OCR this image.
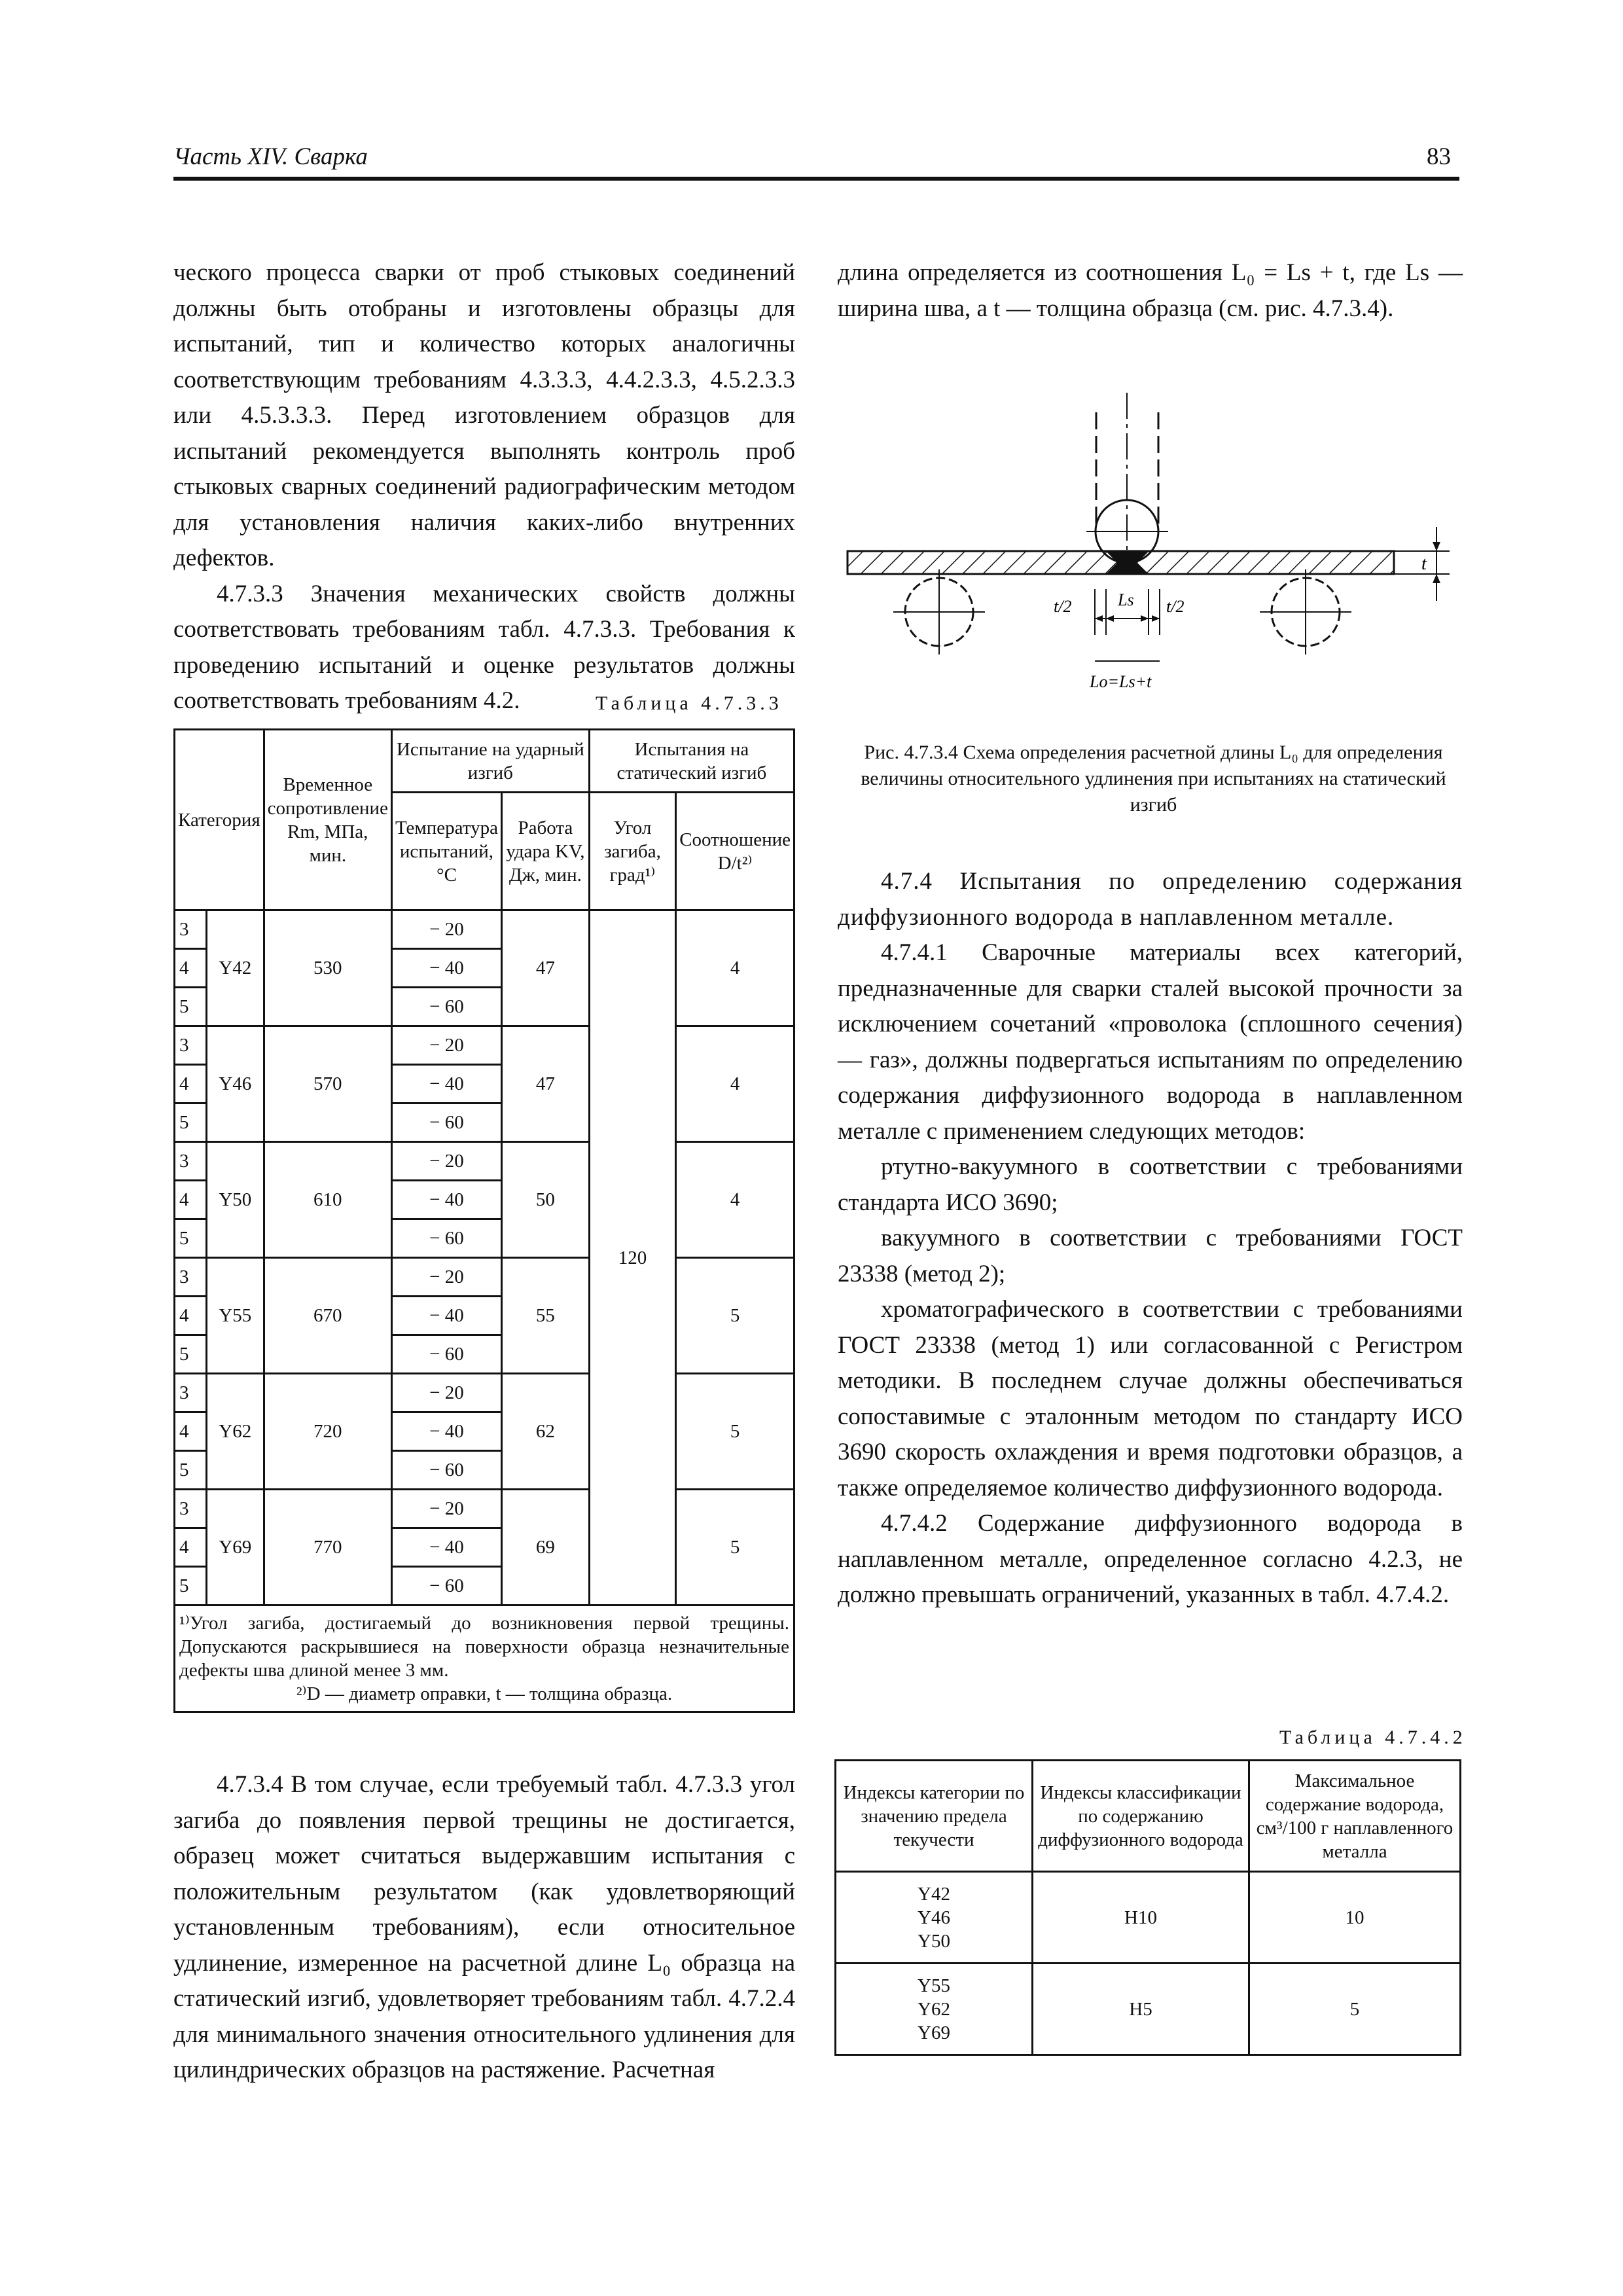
Часть XIV. Сварка	83

ческого процесса сварки от проб стыковых соединений должны быть отобраны и изготовлены образцы для испытаний, тип и количество которых аналогичны соответствующим требованиям 4.3.3.3, 4.4.2.3.3, 4.5.2.3.3 или 4.5.3.3.3. Перед изготовлением образцов для испытаний рекомендуется выполнять контроль проб стыковых сварных соединений радиографическим методом для установления наличия каких-либо внутренних дефектов.

4.7.3.3 Значения механических свойств должны соответствовать требованиям табл. 4.7.3.3. Требования к проведению испытаний и оценке результатов должны соответствовать требованиям 4.2.	Таблица 4.7.3.3
Категория		Временное сопротивление Rm, МПа, мин.	Испытание на ударный изгиб		Испытания на статический изгиб	
			Температура испытаний, °С	Работа удара KV, Дж, мин.	Угол загиба, град¹⁾	Соотношение D/t²⁾
3	Y42	530	− 20	47	120	4
4			− 40			
5			− 60			
3	Y46	570	− 20	47		4
4			− 40			
5			− 60			
3	Y50	610	− 20	50		4
4			− 40			
5			− 60			
3	Y55	670	− 20	55		5
4			− 40			
5			− 60			
3	Y62	720	− 20	62		5
4			− 40			
5			− 60			
3	Y69	770	− 20	69		5
4			− 40			
5			− 60			

¹⁾Угол загиба, достигаемый до возникновения первой трещины. Допускаются раскрывшиеся на поверхности образца незначительные дефекты шва длиной менее 3 мм.
²⁾D — диаметр оправки, t — толщина образца.						

4.7.3.4 В том случае, если требуемый табл. 4.7.3.3 угол загиба до появления первой трещины не достигается, образец может считаться выдержавшим испытания с положительным результатом (как удовлетворяющий установленным требованиям), если относительное удлинение, измеренное на расчетной длине L₀ образца на статический изгиб, удовлетворяет требованиям табл. 4.7.2.4 для минимального значения относительного удлинения для цилиндрических образцов на растяжение. Расчетная

длина определяется из соотношения L₀ = Ls + t, где Ls — ширина шва, а t — толщина образца (см. рис. 4.7.3.4).

t
t/2	Ls t/2
Lo=Ls+t
Рис. 4.7.3.4 Схема определения расчетной длины L₀ для определения величины относительного удлинения при испытаниях на статический изгиб

4.7.4 Испытания по определению содержания диффузионного водорода в наплавленном металле.

4.7.4.1 Сварочные материалы всех категорий, предназначенные для сварки сталей высокой прочности за исключением сочетаний «проволока (сплошного сечения) — газ», должны подвергаться испытаниям по определению содержания диффузионного водорода в наплавленном металле с применением следующих методов:

ртутно-вакуумного в соответствии с требованиями стандарта ИСО 3690;

вакуумного в соответствии с требованиями ГОСТ 23338 (метод 2);

хроматографического в соответствии с требованиями ГОСТ 23338 (метод 1) или согласованной с Регистром методики. В последнем случае должны обеспечиваться сопоставимые с эталонным методом по стандарту ИСО 3690 скорость охлаждения и время подготовки образцов, а также определяемое количество диффузионного водорода.

4.7.4.2 Содержание диффузионного водорода в наплавленном металле, определенное согласно 4.2.3, не должно превышать ограничений, указанных в табл. 4.7.4.2.

Таблица 4.7.4.2
Индексы категории по значению предела текучести	Индексы классификации по содержанию диффузионного водорода	Максимальное содержание водорода, см³/100 г наплавленного металла
Y42
Y46
Y50	H10	10
Y55
Y62
Y69	H5	5
